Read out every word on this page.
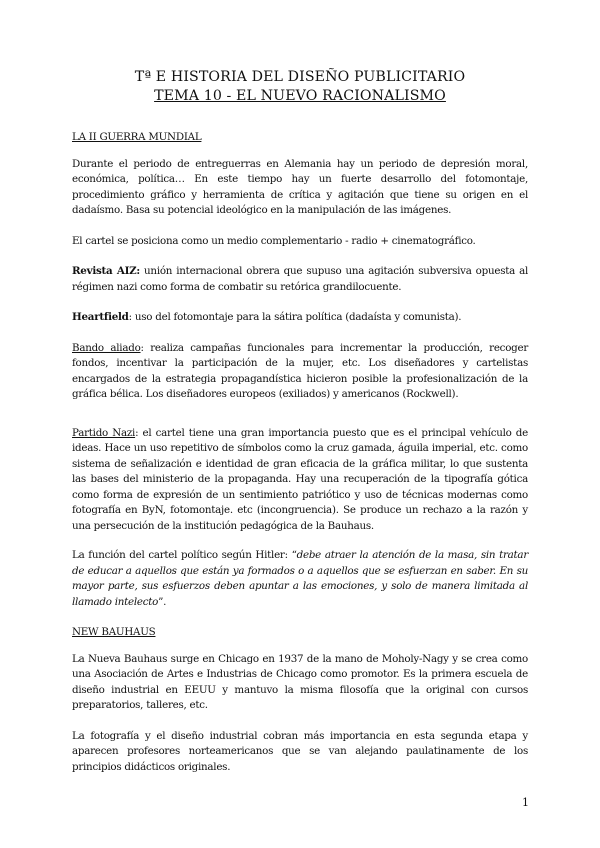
Tª E HISTORIA DEL DISEÑO PUBLICITARIO
TEMA 10 - EL NUEVO RACIONALISMO
LA II GUERRA MUNDIAL

Durante el periodo de entreguerras en Alemania hay un periodo de depresión moral, económica, política… En este tiempo hay un fuerte desarrollo del fotomontaje, procedimiento gráfico y herramienta de crítica y agitación que tiene su origen en el dadaísmo. Basa su potencial ideológico en la manipulación de las imágenes.

El cartel se posiciona como un medio complementario - radio + cinematográfico.

Revista AIZ: unión internacional obrera que supuso una agitación subversiva opuesta al régimen nazi como forma de combatir su retórica grandilocuente.

Heartfield: uso del fotomontaje para la sátira política (dadaísta y comunista).

Bando aliado: realiza campañas funcionales para incrementar la producción, recoger fondos, incentivar la participación de la mujer, etc. Los diseñadores y cartelistas encargados de la estrategia propagandística hicieron posible la profesionalización de la gráfica bélica. Los diseñadores europeos (exiliados) y americanos (Rockwell).

Partido Nazi: el cartel tiene una gran importancia puesto que es el principal vehículo de ideas. Hace un uso repetitivo de símbolos como la cruz gamada, águila imperial, etc. como sistema de señalización e identidad de gran eficacia de la gráfica militar, lo que sustenta las bases del ministerio de la propaganda. Hay una recuperación de la tipografía gótica como forma de expresión de un sentimiento patriótico y uso de técnicas modernas como fotografía en ByN, fotomontaje. etc (incongruencia). Se produce un rechazo a la razón y una persecución de la institución pedagógica de la Bauhaus.

La función del cartel político según Hitler: “debe atraer la atención de la masa, sin tratar de educar a aquellos que están ya formados o a aquellos que se esfuerzan en saber. En su mayor parte, sus esfuerzos deben apuntar a las emociones, y solo de manera limitada al llamado intelecto”.

NEW BAUHAUS

La Nueva Bauhaus surge en Chicago en 1937 de la mano de Moholy-Nagy y se crea como una Asociación de Artes e Industrias de Chicago como promotor. Es la primera escuela de diseño industrial en EEUU y mantuvo la misma filosofía que la original con cursos preparatorios, talleres, etc.

La fotografía y el diseño industrial cobran más importancia en esta segunda etapa y aparecen profesores norteamericanos que se van alejando paulatinamente de los principios didácticos originales.

1
